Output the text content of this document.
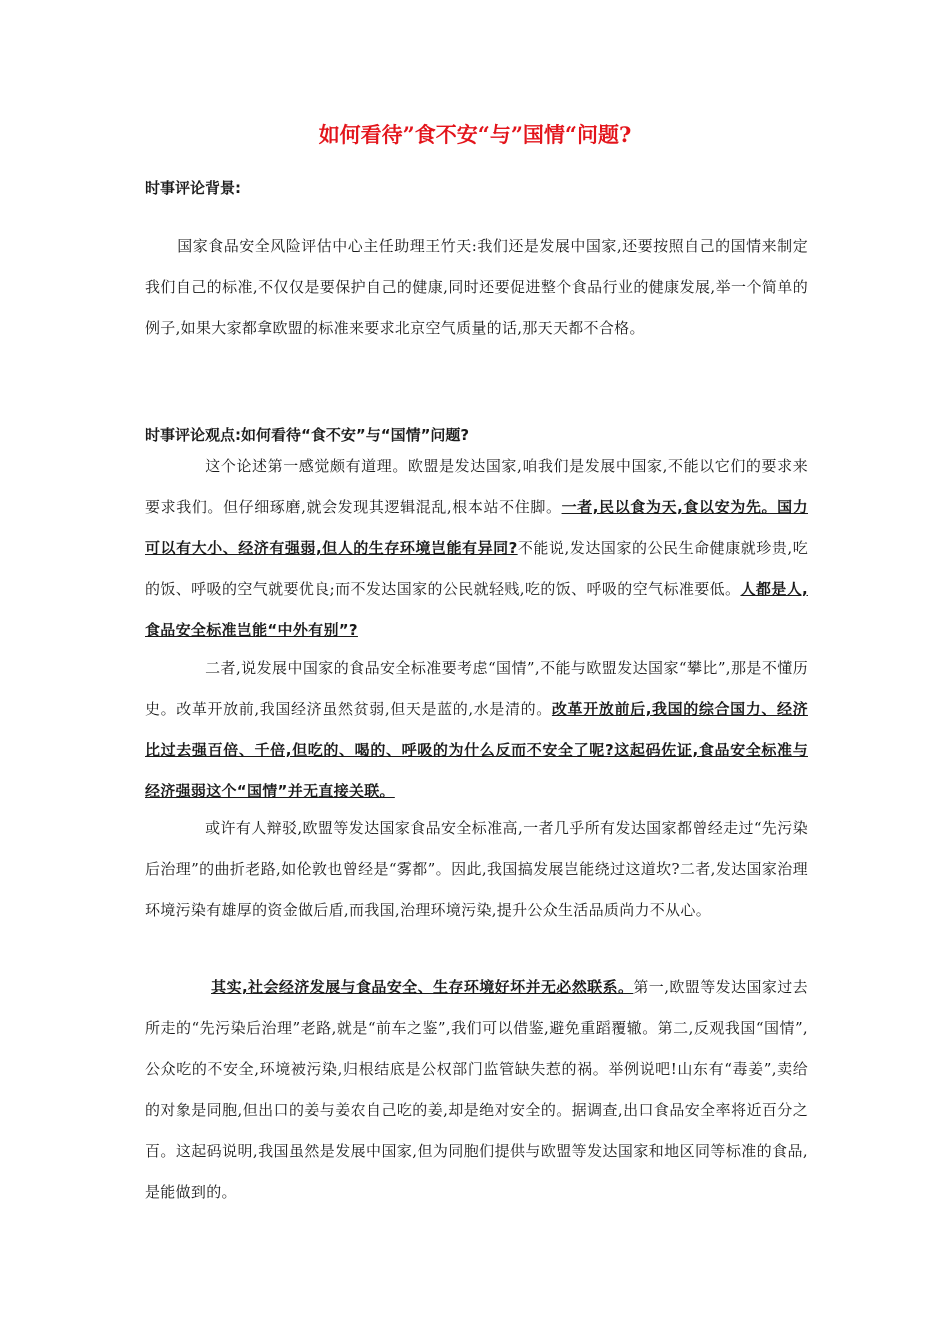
如何看待”食不安“与”国情“问题?
时事评论背景:

国家食品安全风险评估中心主任助理王竹天:我们还是发展中国家,还要按照自己的国情来制定我们自己的标准,不仅仅是要保护自己的健康,同时还要促进整个食品行业的健康发展,举一个简单的例子,如果大家都拿欧盟的标准来要求北京空气质量的话,那天天都不合格。

时事评论观点:如何看待“食不安”与“国情”问题?

这个论述第一感觉颇有道理。欧盟是发达国家,咱我们是发展中国家,不能以它们的要求来要求我们。但仔细琢磨,就会发现其逻辑混乱,根本站不住脚。一者,民以食为天,食以安为先。国力可以有大小、经济有强弱,但人的生存环境岂能有异同?不能说,发达国家的公民生命健康就珍贵,吃的饭、呼吸的空气就要优良;而不发达国家的公民就轻贱,吃的饭、呼吸的空气标准要低。人都是人,食品安全标准岂能“中外有别”?

二者,说发展中国家的食品安全标准要考虑“国情”,不能与欧盟发达国家“攀比”,那是不懂历史。改革开放前,我国经济虽然贫弱,但天是蓝的,水是清的。改革开放前后,我国的综合国力、经济比过去强百倍、千倍,但吃的、喝的、呼吸的为什么反而不安全了呢?这起码佐证,食品安全标准与经济强弱这个“国情”并无直接关联。

或许有人辩驳,欧盟等发达国家食品安全标准高,一者几乎所有发达国家都曾经走过“先污染后治理”的曲折老路,如伦敦也曾经是“雾都”。因此,我国搞发展岂能绕过这道坎?二者,发达国家治理环境污染有雄厚的资金做后盾,而我国,治理环境污染,提升公众生活品质尚力不从心。

其实,社会经济发展与食品安全、生存环境好坏并无必然联系。第一,欧盟等发达国家过去所走的“先污染后治理”老路,就是“前车之鉴”,我们可以借鉴,避免重蹈覆辙。第二,反观我国“国情”,公众吃的不安全,环境被污染,归根结底是公权部门监管缺失惹的祸。举例说吧!山东有“毒姜”,卖给的对象是同胞,但出口的姜与姜农自己吃的姜,却是绝对安全的。据调查,出口食品安全率将近百分之百。这起码说明,我国虽然是发展中国家,但为同胞们提供与欧盟等发达国家和地区同等标准的食品,是能做到的。
